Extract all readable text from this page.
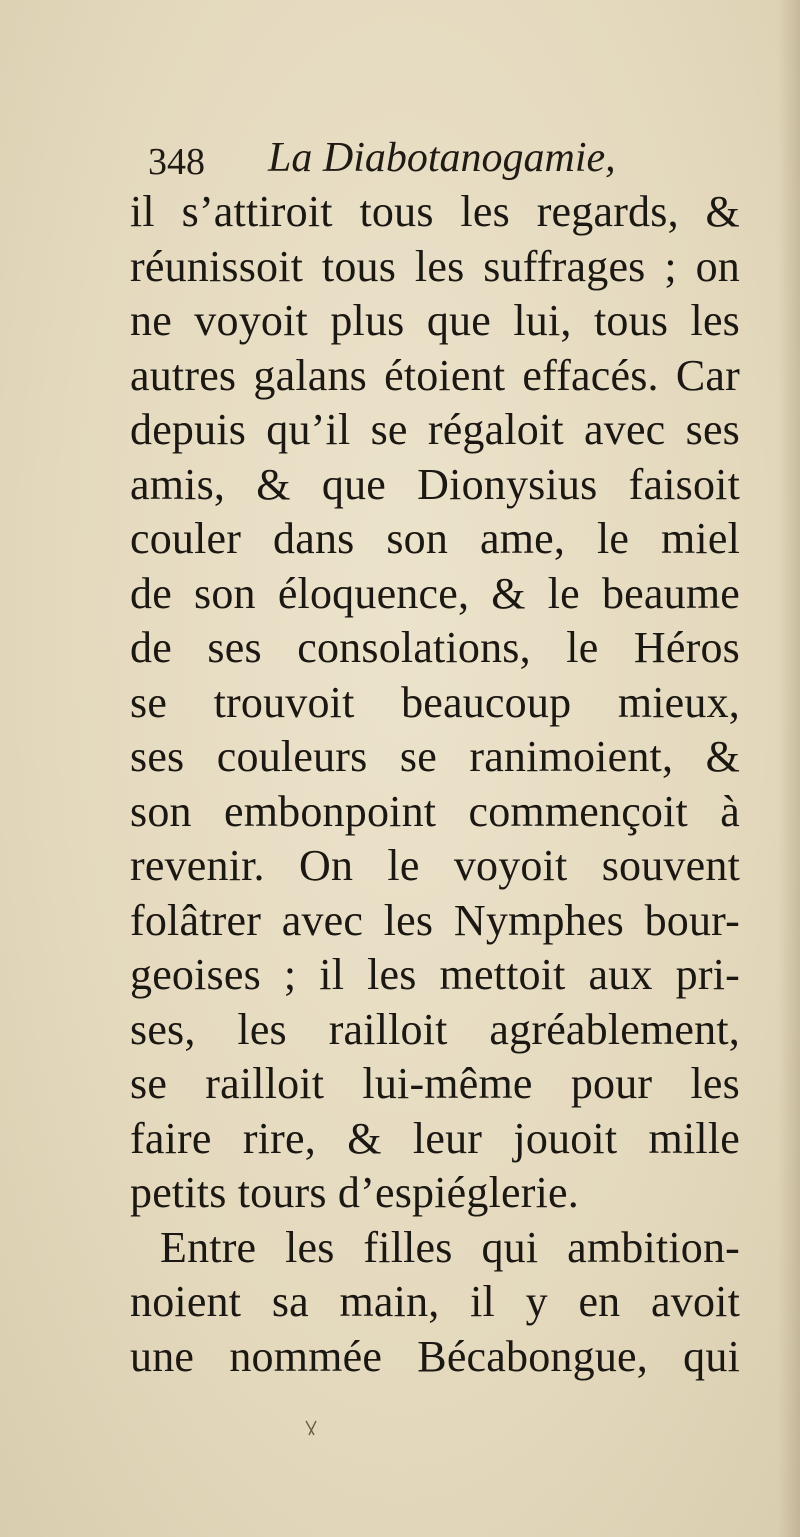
348 La Diabotanogamie,
il s’attiroit tous les regards, &
réunissoit tous les suffrages ; on
ne voyoit plus que lui, tous les
autres galans étoient effacés. Car
depuis qu’il se régaloit avec ses
amis, & que Dionysius faisoit
couler dans son ame, le miel
de son éloquence, & le beaume
de ses consolations, le Héros
se trouvoit beaucoup mieux,
ses couleurs se ranimoient, &
son embonpoint commençoit à
revenir. On le voyoit souvent
folâtrer avec les Nymphes bour-
geoises ; il les mettoit aux pri-
ses, les railloit agréablement,
se railloit lui-même pour les
faire rire, & leur jouoit mille
petits tours d’espiéglerie.
Entre les filles qui ambition-
noient sa main, il y en avoit
une nommée Bécabongue, qui
